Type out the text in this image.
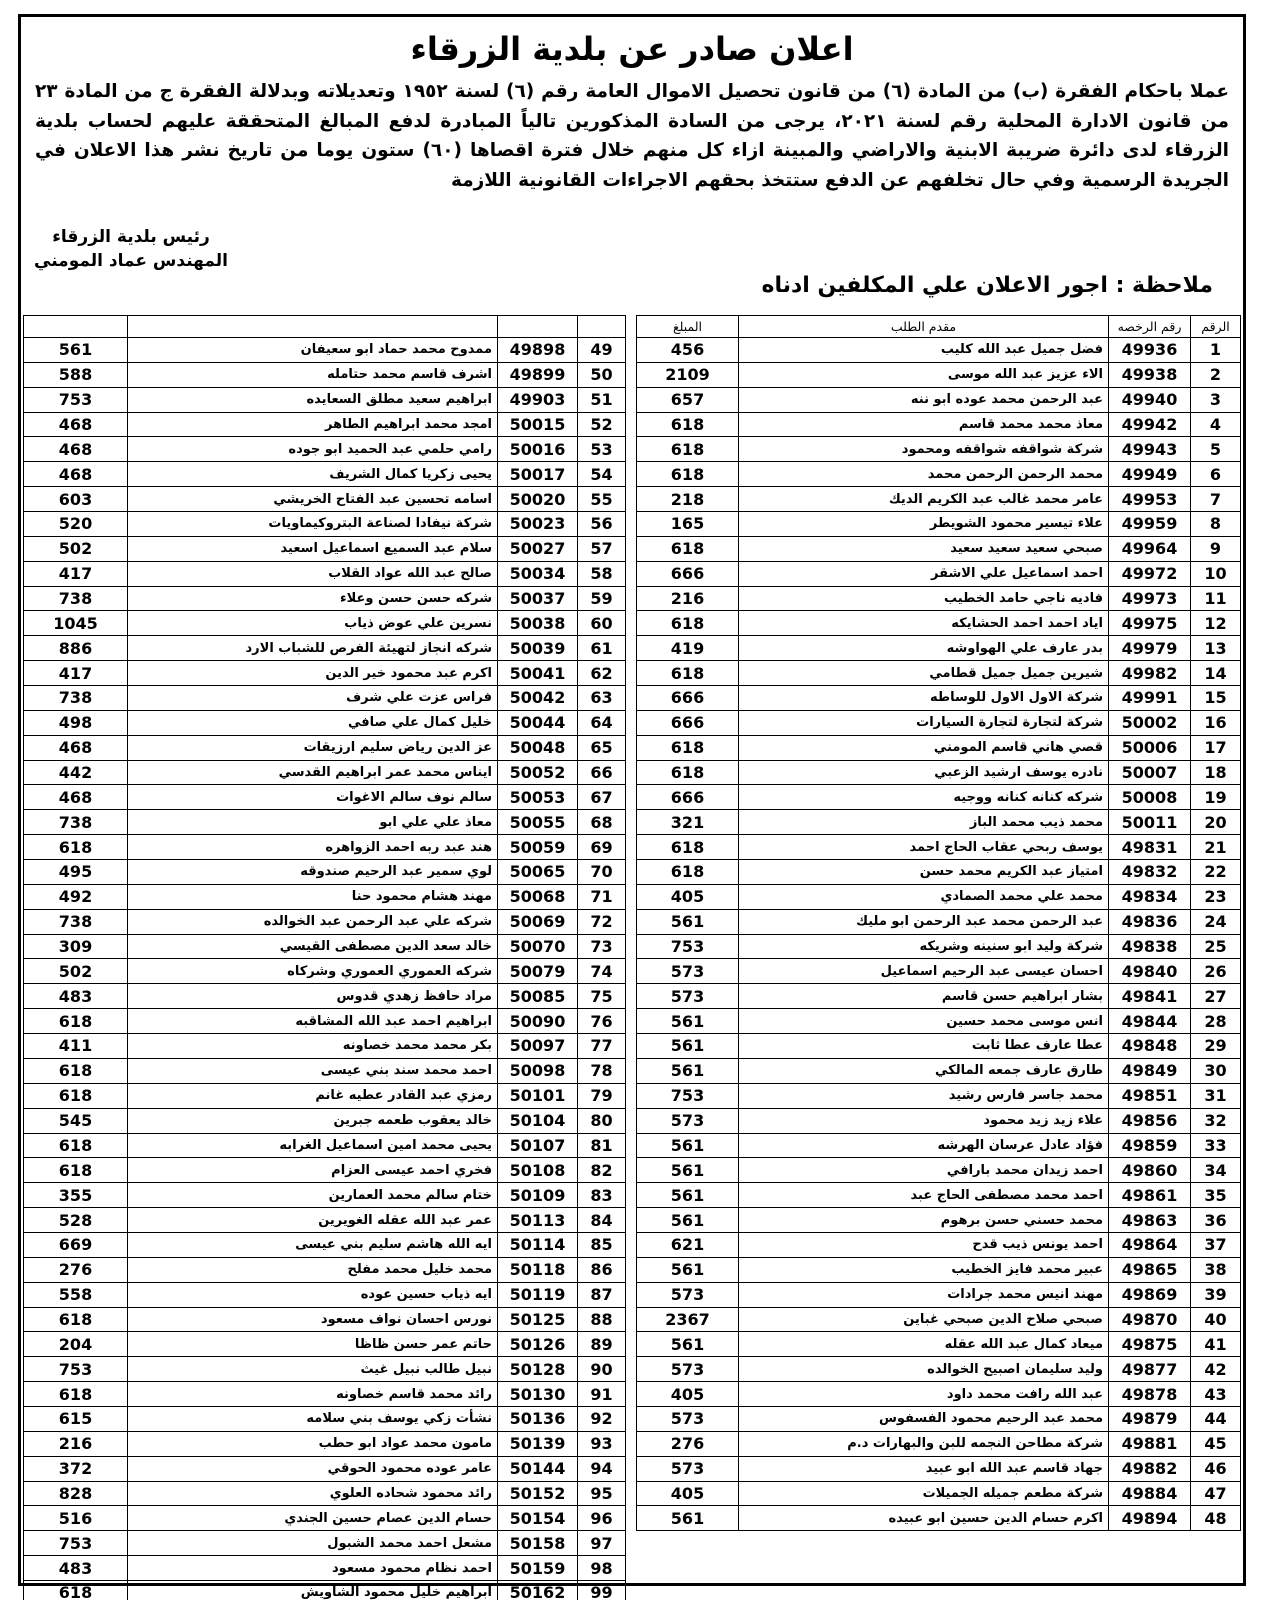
اعلان صادر عن بلدية الزرقاء
عملا باحكام الفقرة (ب) من المادة (٦) من قانون تحصيل الاموال العامة رقم (٦) لسنة ١٩٥٢ وتعديلاته وبدلالة الفقرة ج من المادة ٢٣ من قانون الادارة المحلية رقم لسنة ٢٠٢١، يرجى من السادة المذكورين تالياً المبادرة لدفع المبالغ المتحققة عليهم لحساب بلدية الزرقاء لدى دائرة ضريبة الابنية والاراضي والمبينة ازاء كل منهم خلال فترة اقصاها (٦٠) ستون يوما من تاريخ نشر هذا الاعلان في الجريدة الرسمية وفي حال تخلفهم عن الدفع ستتخذ بحقهم الاجراءات القانونية اللازمة
رئيس بلدية الزرقاء
المهندس عماد المومني
ملاحظة : اجور الاعلان علي المكلفين ادناه
الرقم	رقم الرخصه	مقدم الطلب	المبلغ
1	49936	فضل جميل عبد الله كليب	456
2	49938	الاء عزيز عبد الله موسى	2109
3	49940	عبد الرحمن محمد عوده ابو ننه	657
4	49942	معاذ محمد محمد قاسم	618
5	49943	شركة شواقفه شواقفه ومحمود	618
6	49949	محمد الرحمن الرحمن محمد	618
7	49953	عامر محمد غالب عبد الكريم الديك	218
8	49959	علاء تيسير محمود الشويطر	165
9	49964	صبحي سعيد سعيد سعيد	618
10	49972	احمد اسماعيل علي الاشقر	666
11	49973	فاديه ناجي حامد الخطيب	216
12	49975	اياد احمد احمد الحشايكه	618
13	49979	بدر عارف علي الهواوشه	419
14	49982	شيرين جميل جميل قطامي	618
15	49991	شركة الاول الاول للوساطه	666
16	50002	شركة لتجارة لتجارة السيارات	666
17	50006	قصي هاني قاسم المومني	618
18	50007	نادره يوسف ارشيد الزعبي	618
19	50008	شركه كنانه كنانه ووجيه	666
20	50011	محمد ذيب محمد الباز	321
21	49831	يوسف ربحي عقاب الحاج احمد	618
22	49832	امتياز عبد الكريم محمد حسن	618
23	49834	محمد علي محمد الصمادي	405
24	49836	عبد الرحمن محمد عبد الرحمن ابو مليك	561
25	49838	شركة وليد ابو سنينه وشريكه	753
26	49840	احسان عيسى عبد الرحيم اسماعيل	573
27	49841	بشار ابراهيم حسن قاسم	573
28	49844	انس موسى محمد حسين	561
29	49848	عطا عارف عطا ثابت	561
30	49849	طارق عارف جمعه المالكي	561
31	49851	محمد جاسر فارس رشيد	753
32	49856	علاء زيد زيد محمود	573
33	49859	فؤاد عادل عرسان الهرشه	561
34	49860	احمد زيدان محمد بارافي	561
35	49861	احمد محمد مصطفى الحاج عبد	561
36	49863	محمد حسني حسن برهوم	561
37	49864	احمد يونس ذيب قدح	621
38	49865	عبير محمد فايز الخطيب	561
39	49869	مهند انيس محمد جرادات	573
40	49870	صبحي صلاح الدين صبحي غباين	2367
41	49875	ميعاد كمال عبد الله عقله	561
42	49877	وليد سليمان اصبيح الخوالده	573
43	49878	عبد الله رافت محمد داود	405
44	49879	محمد عبد الرحيم محمود الفسفوس	573
45	49881	شركة مطاحن النجمه للبن والبهارات د.م	276
46	49882	جهاد قاسم عبد الله ابو عبيد	573
47	49884	شركة مطعم جميله الجميلات	405
48	49894	اكرم حسام الدين حسين ابو عبيده	561

49	49898	ممدوح محمد حماد ابو سعيفان	561
50	49899	اشرف قاسم محمد حتامله	588
51	49903	ابراهيم سعيد مطلق السعايده	753
52	50015	امجد محمد ابراهيم الطاهر	468
53	50016	رامي حلمي عبد الحميد ابو جوده	468
54	50017	يحيى زكريا كمال الشريف	468
55	50020	اسامه تحسين عبد الفتاح الخريشي	603
56	50023	شركة نيفادا لصناعة البتروكيماويات	520
57	50027	سلام عبد السميع اسماعيل اسعيد	502
58	50034	صالح عبد الله عواد القلاب	417
59	50037	شركه حسن حسن وعلاء	738
60	50038	نسرين علي عوض ذياب	1045
61	50039	شركه انجاز لتهيئة الفرص للشباب الارد	886
62	50041	اكرم عبد محمود خير الدين	417
63	50042	فراس عزت علي شرف	738
64	50044	خليل كمال علي صافي	498
65	50048	عز الدين رياض سليم ارزيقات	468
66	50052	ايناس محمد عمر ابراهيم القدسي	442
67	50053	سالم نوف سالم الاغوات	468
68	50055	معاذ علي علي ابو	738
69	50059	هند عبد ربه احمد الزواهره	618
70	50065	لوي سمير عبد الرحيم صندوقه	495
71	50068	مهند هشام محمود حنا	492
72	50069	شركه علي عبد الرحمن عبد الخوالده	738
73	50070	خالد سعد الدين مصطفى القيسي	309
74	50079	شركه العموري العموري وشركاه	502
75	50085	مراد حافظ زهدي قدوس	483
76	50090	ابراهيم احمد عبد الله المشاقبه	618
77	50097	بكر محمد محمد خصاونه	411
78	50098	احمد محمد سند بني عيسى	618
79	50101	رمزي عبد القادر عطيه غانم	618
80	50104	خالد يعقوب طعمه جبرين	545
81	50107	يحيى محمد امين اسماعيل الغرابه	618
82	50108	فخري احمد عيسى العزام	618
83	50109	ختام سالم محمد العمارين	355
84	50113	عمر عبد الله عقله الغويرين	528
85	50114	ايه الله هاشم سليم بني عيسى	669
86	50118	محمد خليل محمد مفلح	276
87	50119	ايه ذياب حسين عوده	558
88	50125	نورس احسان نواف مسعود	618
89	50126	حاتم عمر حسن ظاظا	204
90	50128	نبيل طالب نبيل غيث	753
91	50130	رائد محمد قاسم خصاونه	618
92	50136	نشأت زكي يوسف بني سلامه	615
93	50139	مامون محمد عواد ابو حطب	216
94	50144	عامر عوده محمود الحوقي	372
95	50152	رائد محمود شحاده العلوي	828
96	50154	حسام الدين عصام حسين الجندي	516
97	50158	مشعل احمد محمد الشبول	753
98	50159	احمد نظام محمود مسعود	483
99	50162	ابراهيم خليل محمود الشاويش	618
